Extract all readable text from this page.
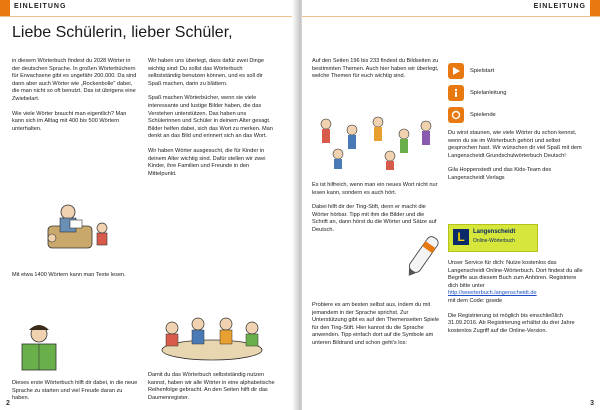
EINLEITUNG
Liebe Schülerin, lieber Schüler,

in diesem Wörterbuch findest du 2028 Wörter in der deutschen Sprache. In großen Wörterbüchern für Erwachsene gibt es ungefähr 200.000. Da sind dann aber auch Wörter wie „Rockenbolle" dabei, die man nicht so oft benutzt. Das ist übrigens eine Zwiebelart.

Wie viele Wörter braucht man eigentlich? Man kann sich im Alltag mit 400 bis 500 Wörtern unterhalten.

Mit etwa 1400 Wörtern kann man Texte lesen.

Dieses erste Wörterbuch hilft dir dabei, in die neue Sprache zu starten und viel Freude daran zu haben.

Wir haben uns überlegt, dass dafür zwei Dinge wichtig sind: Du sollst das Wörterbuch selbstständig benutzen können, und es soll dir Spaß machen, darin zu blättern.

Spaß machen Wörterbücher, wenn sie viele interessante und lustige Bilder haben, die das Verstehen unterstützen. Das haben uns Schülerinnen und Schüler in deinem Alter gesagt. Bilder helfen dabei, sich das Wort zu merken. Man denkt an das Bild und erinnert sich an das Wort.

Wir haben Wörter ausgesucht, die für Kinder in deinem Alter wichtig sind. Dafür stellen wir zwei Kinder, ihre Familien und Freunde in den Mittelpunkt.

Damit du das Wörterbuch selbstständig nutzen kannst, haben wir alle Wörter in eine alphabetische Reihenfolge gebracht. An den Seiten hilft dir das Daumenregister.

2
EINLEITUNG

Auf den Seiten 196 bis 233 findest du Bildseiten zu bestimmten Themen. Auch hier haben wir überlegt, welche Themen für euch wichtig sind.

Es ist hilfreich, wenn man ein neues Wort nicht nur lesen kann, sondern es auch hört.

Dabei hilft dir der Ting-Stift, denn er macht die Wörter hörbar. Tipp mit ihm die Bilder und die Schrift an, dann hörst du die Wörter und Sätze auf Deutsch.

Probiere es am besten selbst aus, indem du mit jemandem in der Sprache sprichst. Zur Unterstützung gibt es auf den Themenseiten Spiele für den Ting-Stift. Hier kannst du die Sprache anwenden. Tipp einfach dort auf die Symbole am unteren Bildrand und schon geht's los:

Spielstart
Spielanleitung
Spielende

Du wirst staunen, wie viele Wörter du schon kennst, wenn du sie im Wörterbuch gehört und selbst gesprochen hast. Wir wünschen dir viel Spaß mit dem Langenscheidt Grundschulwörterbuch Deutsch!

Gila Hoppenstedt und das Kids-Team des Langenscheidt Verlags

L	Langenscheidt
Online-Wörterbuch

Unser Service für dich: Nutze kostenlos das Langenscheidt Online-Wörterbuch. Dort findest du alle Begriffe aus diesem Buch zum Anhören. Registriere dich bitte unter

http://woerterbuch.langenscheidt.de

mit dem Code: gswde

Die Registrierung ist möglich bis einschließlich 31.09.2016. Ab Registrierung erhältst du drei Jahre kostenlos Zugriff auf die Online-Version.

3
